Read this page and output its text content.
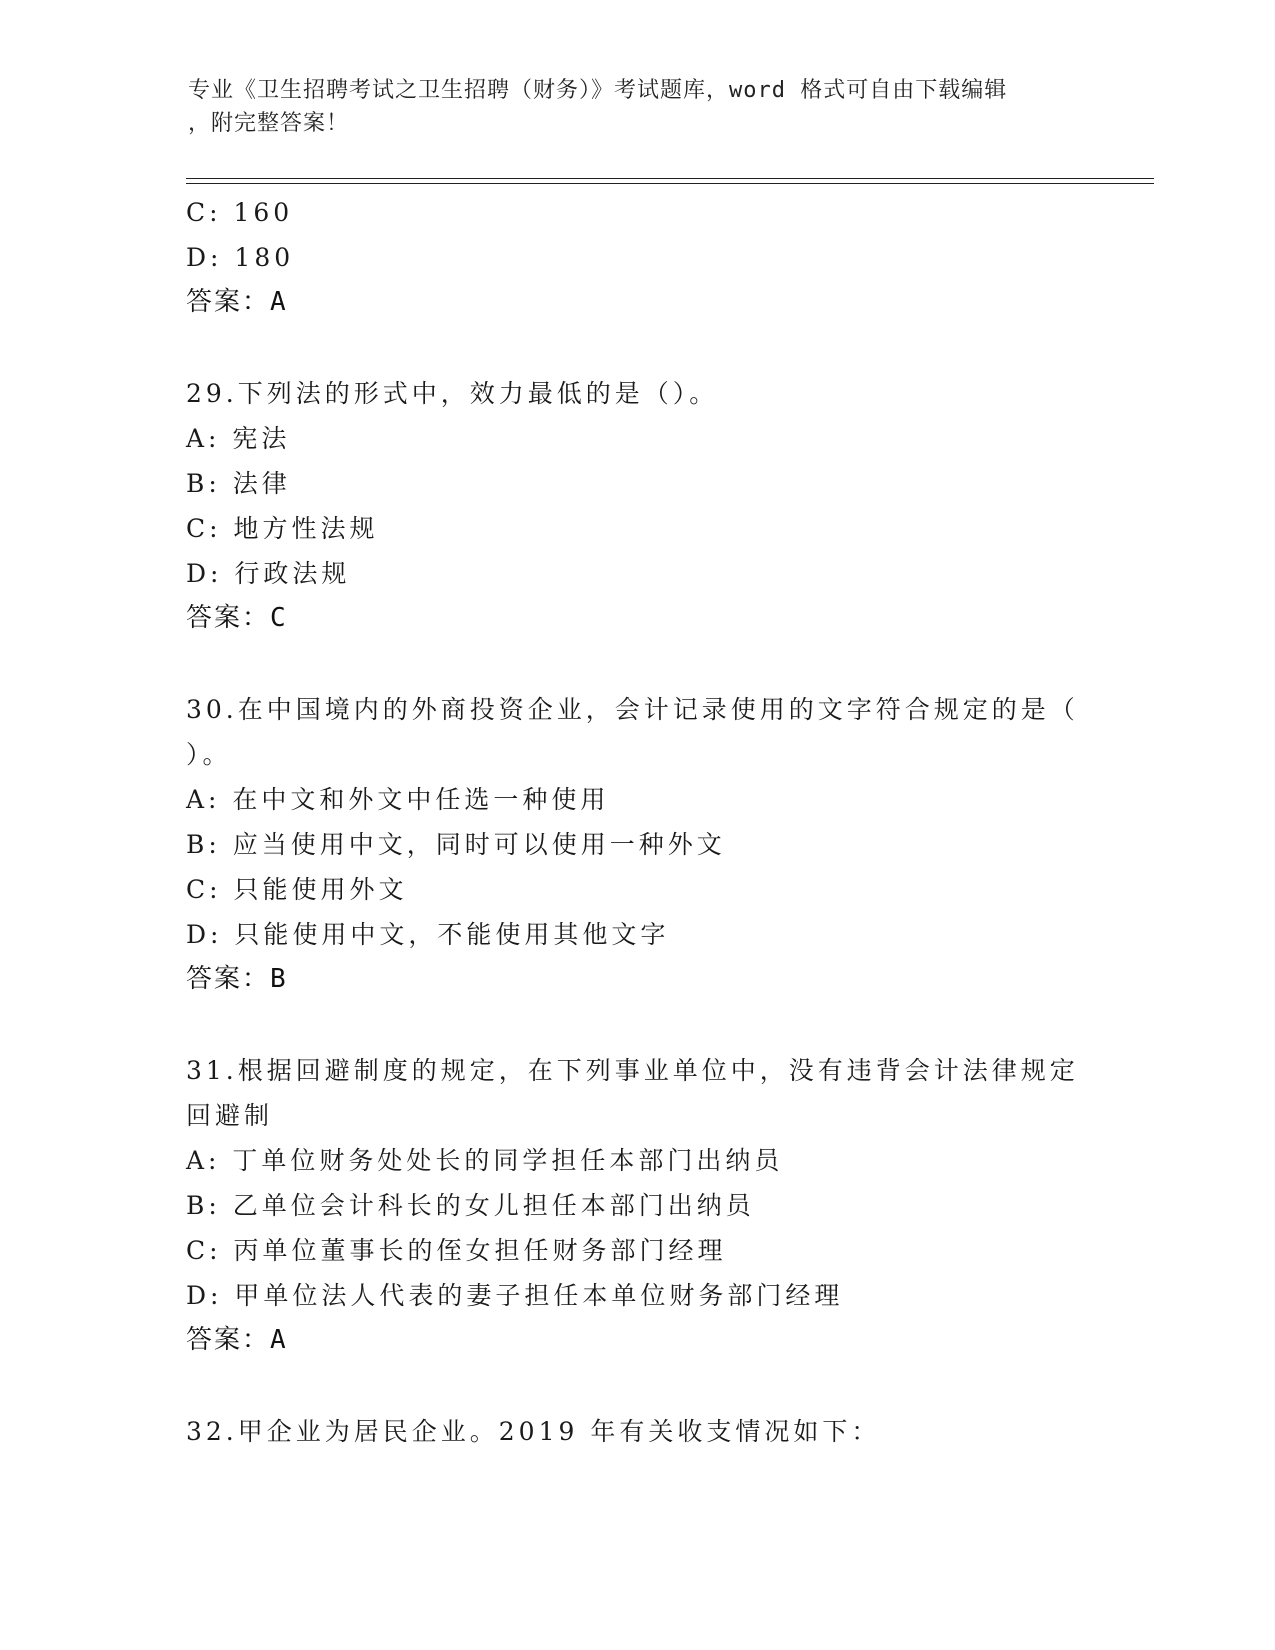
专业《卫生招聘考试之卫生招聘（财务）》考试题库，word 格式可自由下载编辑
，附完整答案！
C: 160
D: 180
答案：A
29.下列法的形式中，效力最低的是（）。
A: 宪法
B: 法律
C: 地方性法规
D: 行政法规
答案：C
30.在中国境内的外商投资企业，会计记录使用的文字符合规定的是（
）。
A: 在中文和外文中任选一种使用
B: 应当使用中文，同时可以使用一种外文
C: 只能使用外文
D: 只能使用中文，不能使用其他文字
答案：B
31.根据回避制度的规定，在下列事业单位中，没有违背会计法律规定
回避制
A: 丁单位财务处处长的同学担任本部门出纳员
B: 乙单位会计科长的女儿担任本部门出纳员
C: 丙单位董事长的侄女担任财务部门经理
D: 甲单位法人代表的妻子担任本单位财务部门经理
答案：A
32.甲企业为居民企业。2019 年有关收支情况如下：
